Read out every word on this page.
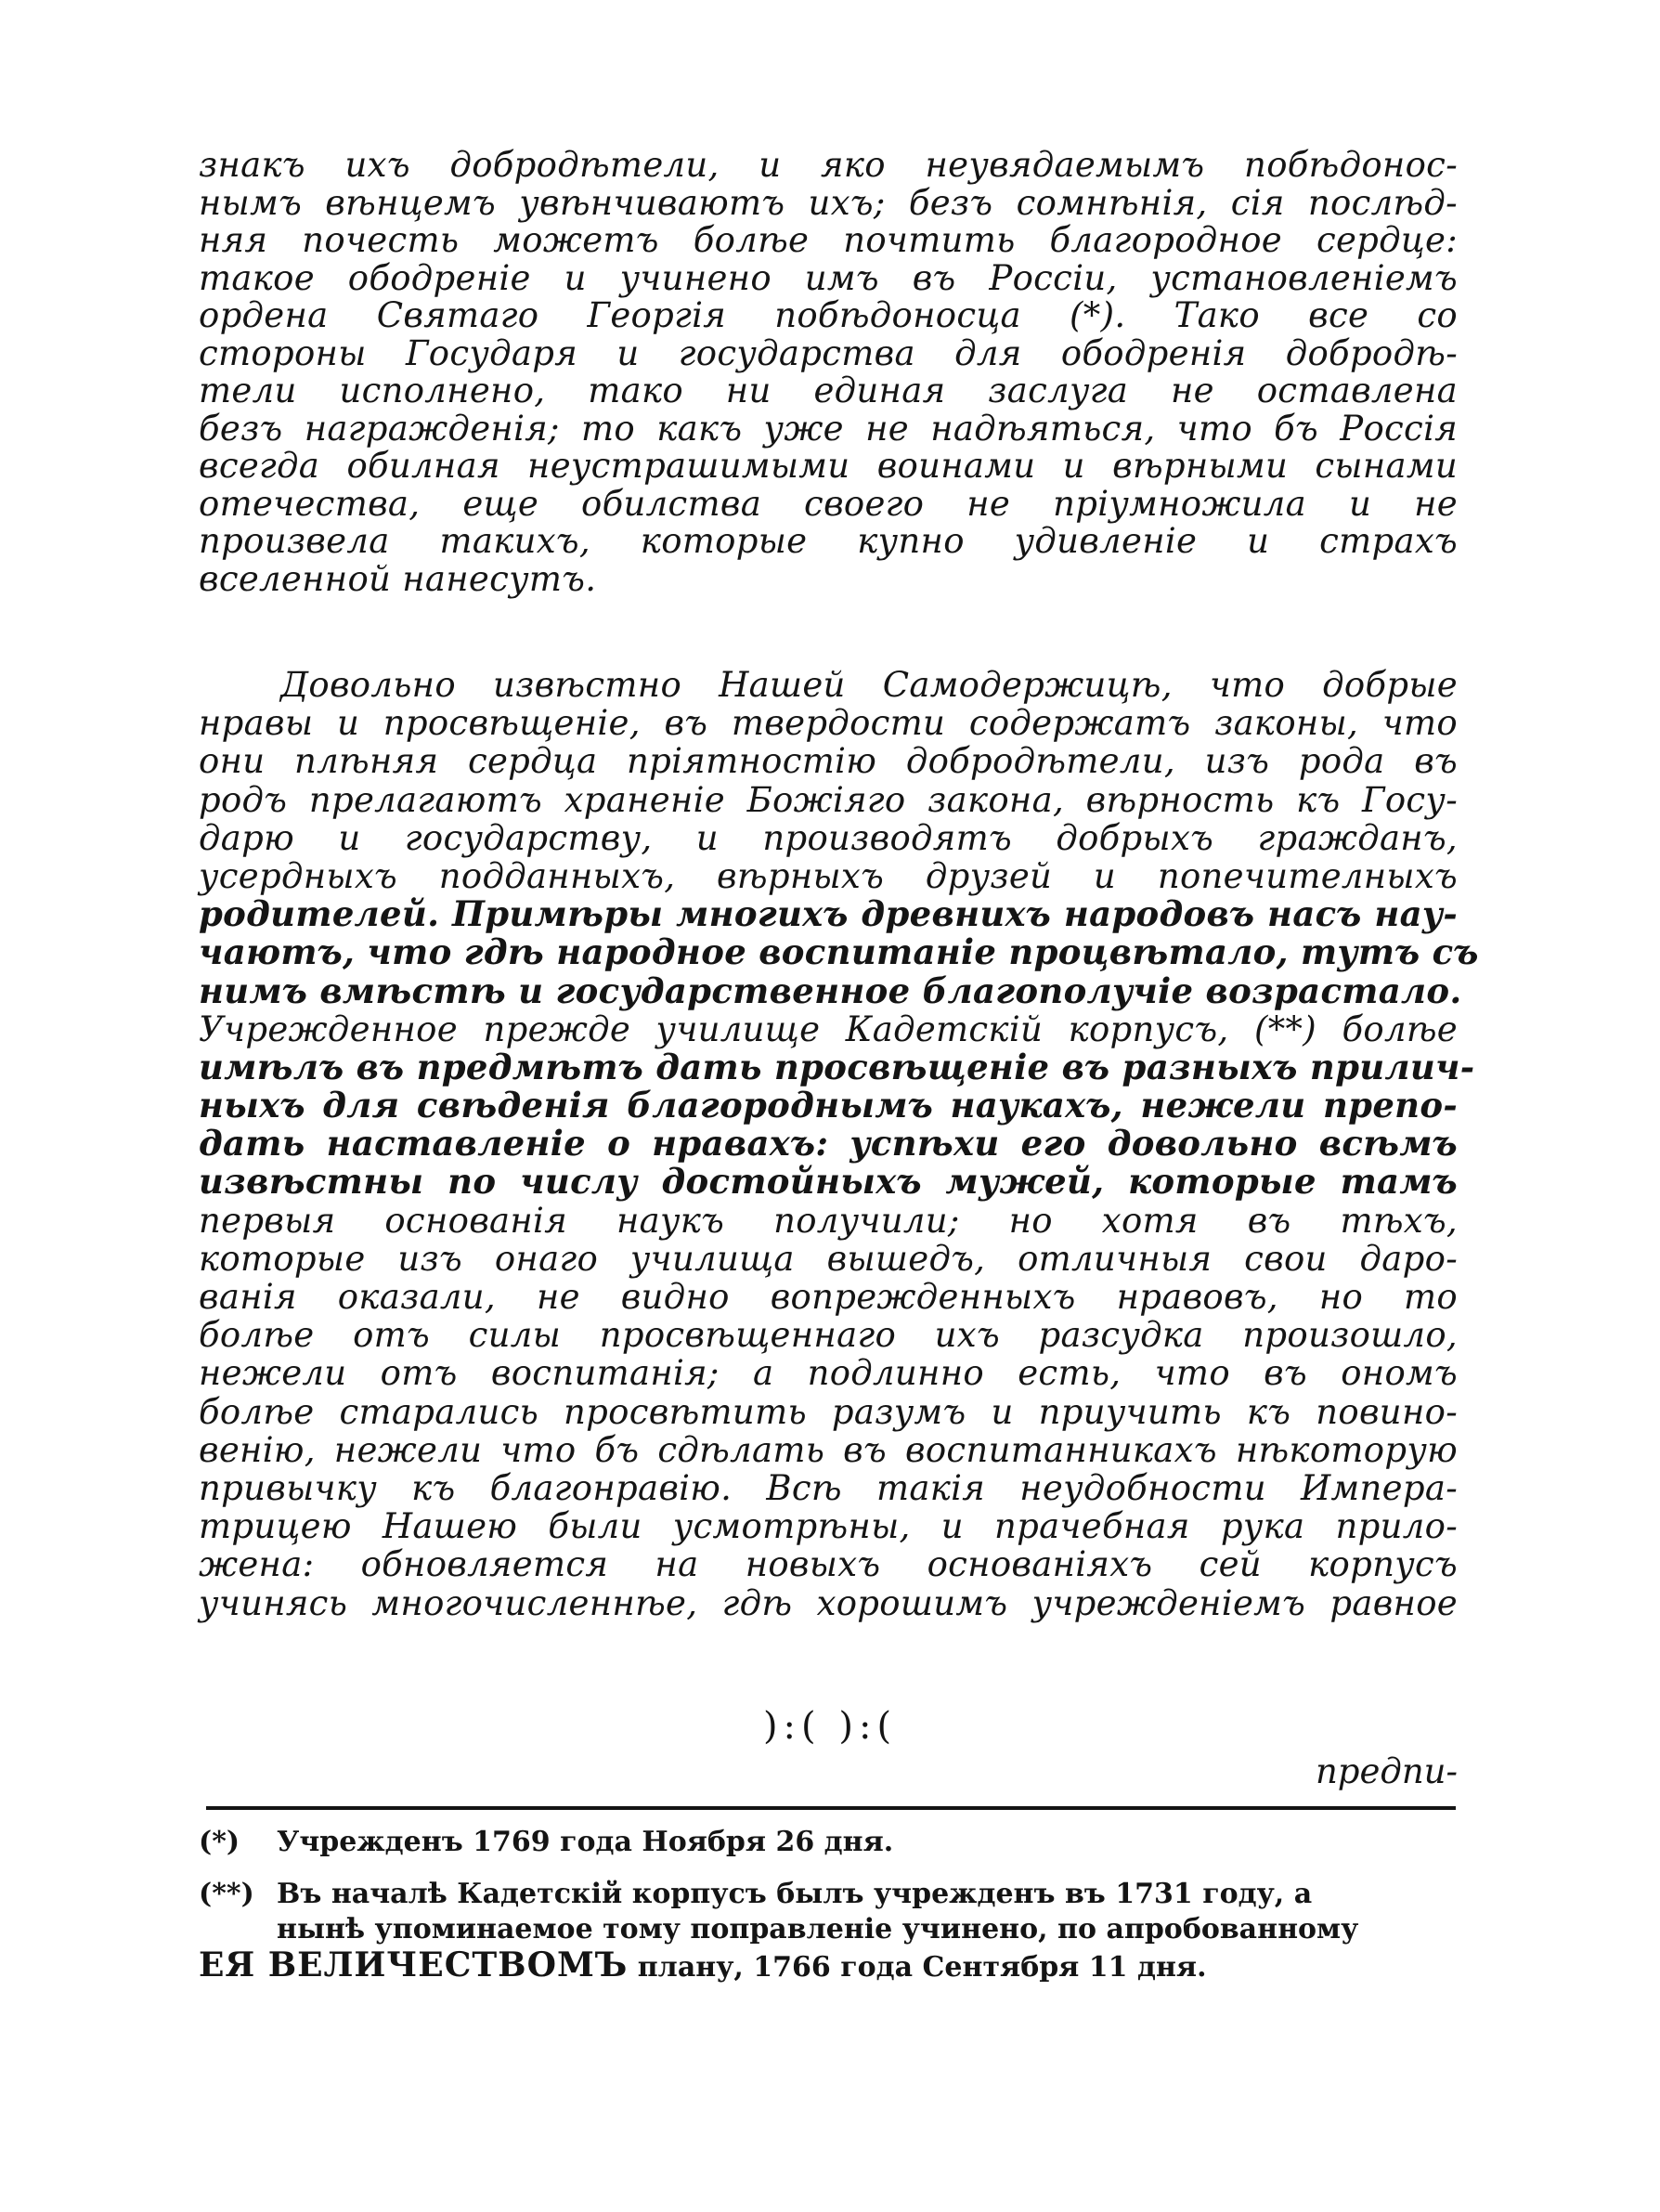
знакъ ихъ добродѣтели, и яко неувядаемымъ побѣдонос-
нымъ вѣнцемъ увѣнчиваютъ ихъ; безъ сомнѣнія, сія послѣд-
няя почесть можетъ болѣе почтить благородное сердце:
такое ободреніе и учинено имъ въ Россіи, установленіемъ
ордена Святаго Георгія побѣдоносца (*). Тако все со
стороны Государя и государства для ободренія добродѣ-
тели исполнено, тако ни единая заслуга не оставлена
безъ награжденія; то какъ уже не надѣяться, что бъ Россія
всегда обилная неустрашимыми воинами и вѣрными сынами
отечества, еще обилства своего не пріумножила и не
произвела такихъ, которые купно удивленіе и страхъ
вселенной нанесутъ.
Довольно извѣстно Нашей Самодержицѣ, что добрые
нравы и просвѣщеніе, въ твердости содержатъ законы, что
они плѣняя сердца пріятностію добродѣтели, изъ рода въ
родъ прелагаютъ храненіе Божіяго закона, вѣрность къ Госу-
дарю и государству, и производятъ добрыхъ гражданъ,
усердныхъ подданныхъ, вѣрныхъ друзей и попечителныхъ
родителей. Примѣры многихъ древнихъ народовъ насъ нау-
чаютъ, что гдѣ народное воспитаніе процвѣтало, тутъ съ
нимъ вмѣстѣ и государственное благополучіе возрастало.
Учрежденное прежде училище Кадетскій корпусъ, (**) болѣе
имѣлъ въ предмѣтъ дать просвѣщеніе въ разныхъ прилич-
ныхъ для свѣденія благороднымъ наукахъ, нежели препо-
дать наставленіе о нравахъ: успѣхи его довольно всѣмъ
извѣстны по числу достойныхъ мужей, которые тамъ
первыя основанія наукъ получили; но хотя въ тѣхъ,
которые изъ онаго училища вышедъ, отличныя свои даро-
ванія оказали, не видно вопрежденныхъ нравовъ, но то
болѣе отъ силы просвѣщеннаго ихъ разсудка произошло,
нежели отъ воспитанія; а подлинно есть, что въ ономъ
болѣе старались просвѣтить разумъ и приучить къ повино-
венію, нежели что бъ сдѣлать въ воспитанникахъ нѣкоторую
привычку къ благонравію. Всѣ такія неудобности Импера-
трицею Нашею были усмотрѣны, и прачебная рука прило-
жена: обновляется на новыхъ основаніяхъ сей корпусъ
учинясь многочисленнѣе, гдѣ хорошимъ учрежденіемъ равное
):( ):(
предпи-
(*) Учрежденъ 1769 года Ноября 26 дня.
(**) Въ началѣ Кадетскій корпусъ былъ учрежденъ въ 1731 году, а
нынѣ упоминаемое тому поправленіе учинено, по апробованному
ЕЯ ВЕЛИЧЕСТВОМЪ плану, 1766 года Сентября 11 дня.
